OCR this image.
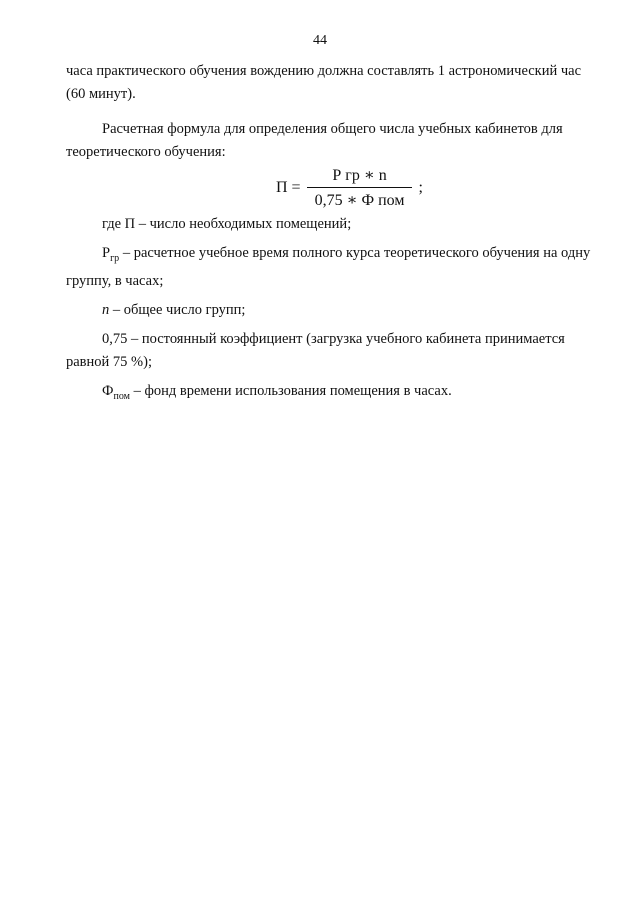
44

часа практического обучения вождению должна составлять 1 астрономический час

(60 минут).

Расчетная формула для определения общего числа учебных кабинетов для

теоретического обучения:

$П = \frac{\text{Р гр ∗ n}}{\text{0,75 ∗ Ф пом}}$ ;

где П – число необходимых помещений;

$Р_{гр}$ – расчетное учебное время полного курса теоретического обучения на одну

группу, в часах;

n – общее число групп;

0,75 – постоянный коэффициент (загрузка учебного кабинета принимается

равной 75 %);

$Ф_{пом}$ – фонд времени использования помещения в часах.
